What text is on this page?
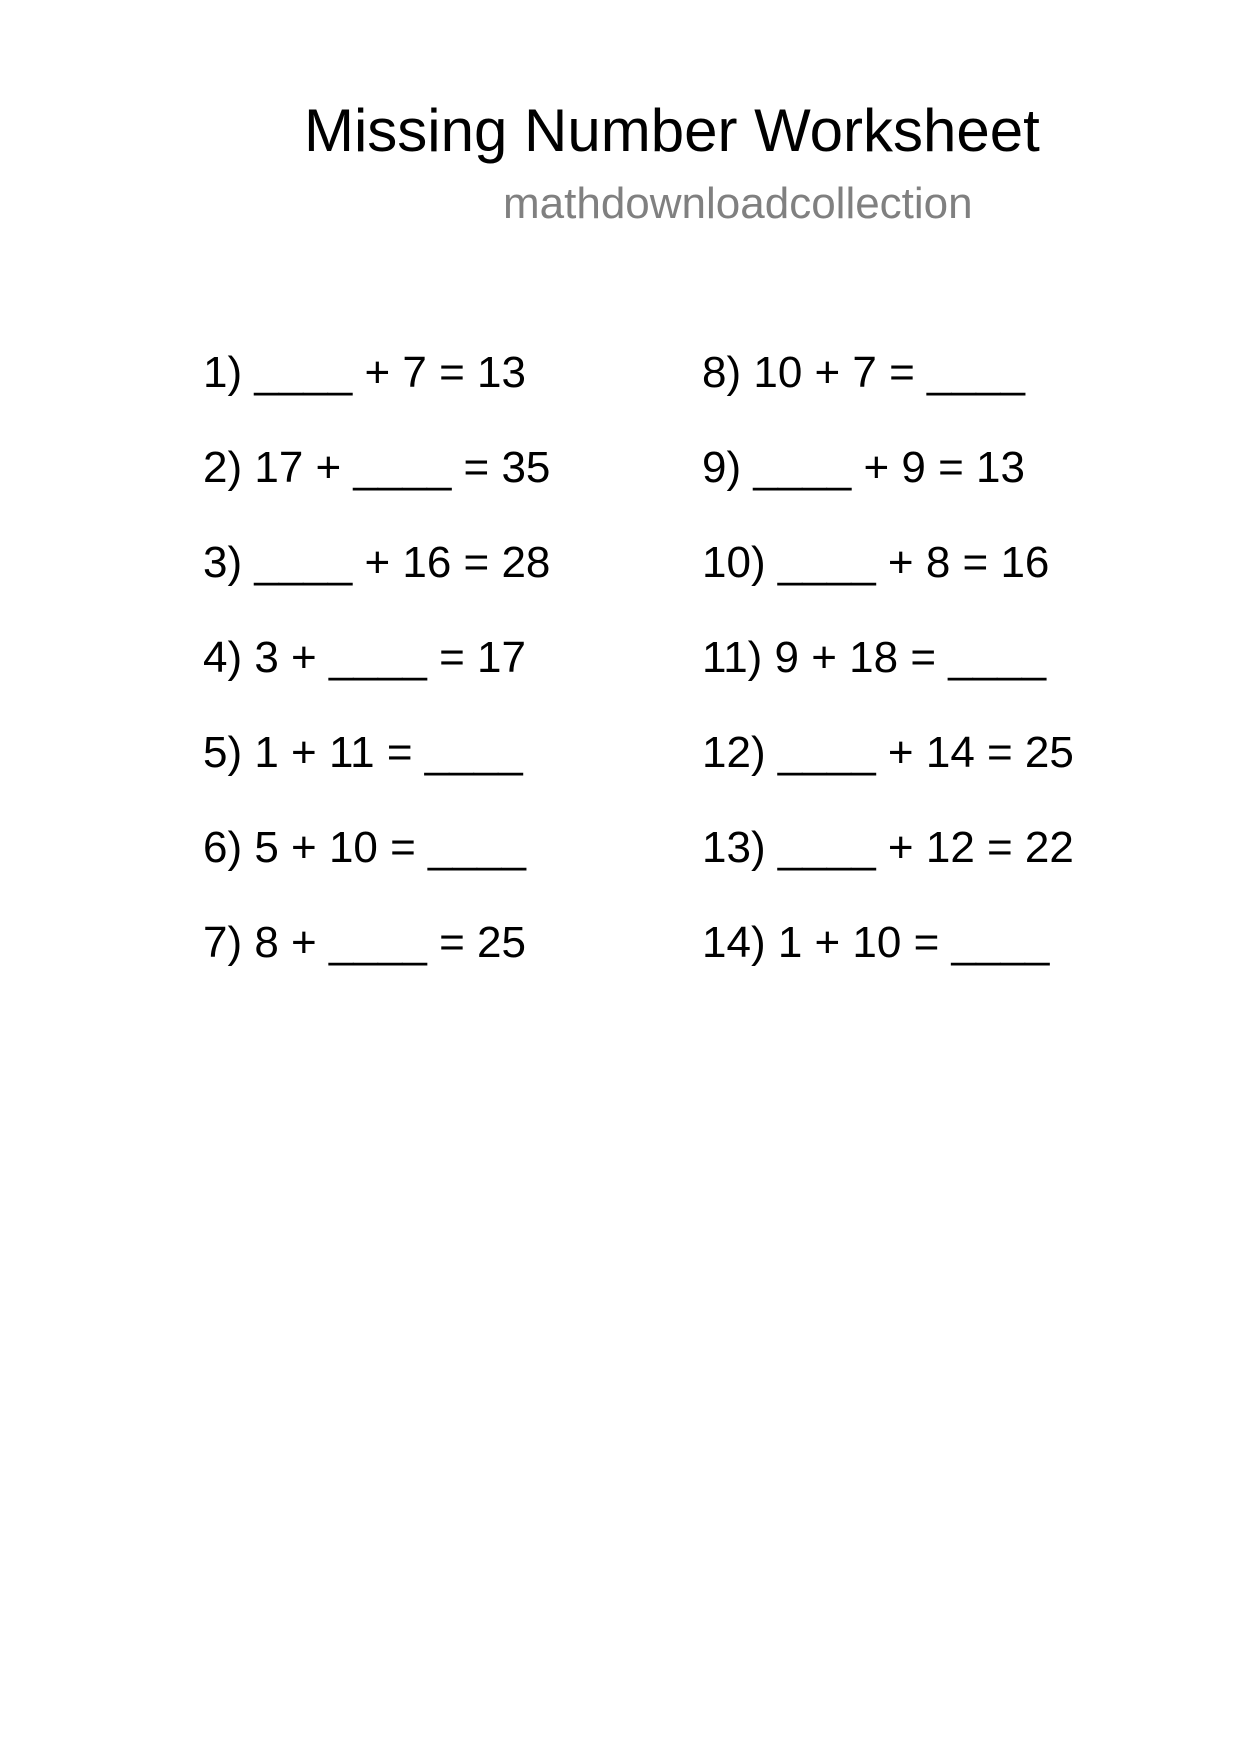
Missing Number Worksheet
mathdownloadcollection
1) ____ + 7 = 13
2) 17 + ____ = 35
3) ____ + 16 = 28
4) 3 + ____ = 17
5) 1 + 11 = ____
6) 5 + 10 = ____
7) 8 + ____ = 25
8) 10 + 7 = ____
9) ____ + 9 = 13
10) ____ + 8 = 16
11) 9 + 18 = ____
12) ____ + 14 = 25
13) ____ + 12 = 22
14) 1 + 10 = ____
